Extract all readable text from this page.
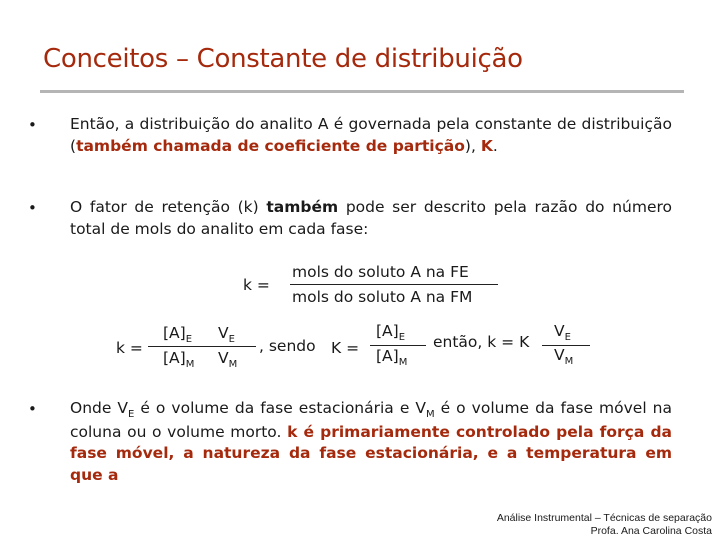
Conceitos – Constante de distribuição
• Então, a distribuição do analito A é governada pela constante de distribuição (também chamada de coeficiente de partição), K.
• O fator de retenção (k) também pode ser descrito pela razão do número total de mols do analito em cada fase:
k =
mols do soluto A na FE
mols do soluto A na FM
k =
$[A]_E$
$[A]_M$
$V_E$
$V_M$
, sendo K =
$[A]_E$
$[A]_M$
então, k = K
$V_E$
$V_M$
• Onde $V_E$ é o volume da fase estacionária e $V_M$ é o volume da fase móvel na coluna ou o volume morto. k é primariamente controlado pela força da fase móvel, a natureza da fase estacionária, e a temperatura em que a
Análise Instrumental – Técnicas de separação
Profa. Ana Carolina Costa
